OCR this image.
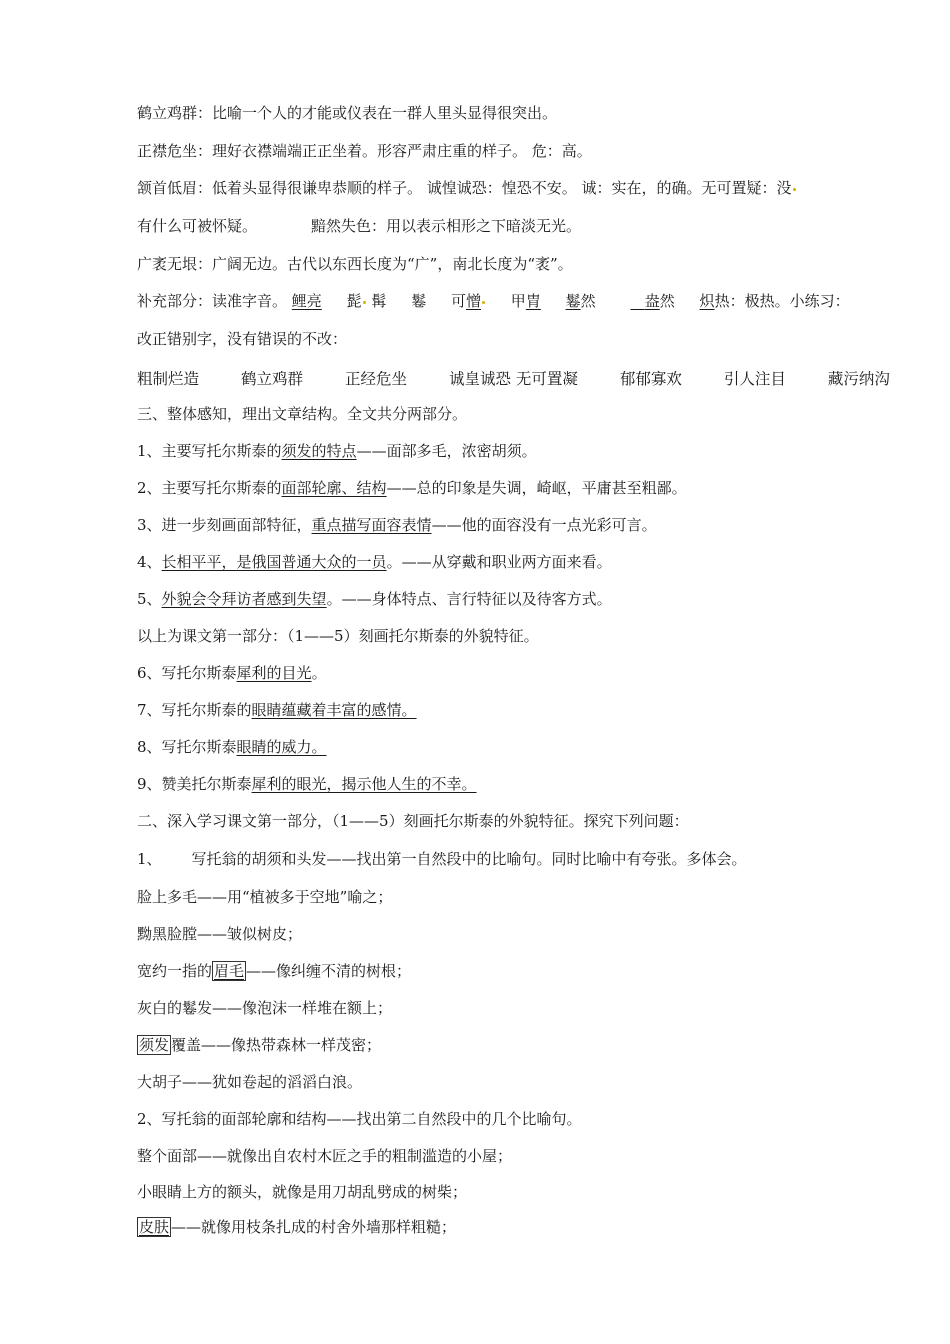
鹤立鸡群：比喻一个人的才能或仪表在一群人里头显得很突出。
正襟危坐：理好衣襟端端正正坐着。形容严肃庄重的样子。 危：高。
颔首低眉：低着头显得很谦卑恭顺的样子。 诚惶诚恐：惶恐不安。 诚：实在，的确。无可置疑：没
有什么可被怀疑。	黯然失色：用以表示相形之下暗淡无光。
广袤无垠：广阔无边。古代以东西长度为“广”，南北长度为“袤”。
补充部分：读准字音。 鲤亮 髭 髯 鬈 可憎 甲胄 鬈然	盎然 炽热：极热。小练习：
改正错别字，没有错误的不改：
粗制烂造	鹤立鸡群	正经危坐	诚皇诚恐 无可置凝	郁郁寡欢	引人注目	藏污纳沟
三、整体感知，理出文章结构。全文共分两部分。
1、主要写托尔斯泰的须发的特点——面部多毛，浓密胡须。
2、主要写托尔斯泰的面部轮廓、结构——总的印象是失调，崎岖，平庸甚至粗鄙。
3、进一步刻画面部特征，重点描写面容表情——他的面容没有一点光彩可言。
4、长相平平，是俄国普通大众的一员。——从穿戴和职业两方面来看。
5、外貌会令拜访者感到失望。——身体特点、言行特征以及待客方式。
以上为课文第一部分：（1——5）刻画托尔斯泰的外貌特征。
6、写托尔斯泰犀利的目光。
7、写托尔斯泰的眼睛蕴藏着丰富的感情。
8、写托尔斯泰眼睛的威力。
9、赞美托尔斯泰犀利的眼光，揭示他人生的不幸。
二、深入学习课文第一部分，（1——5）刻画托尔斯泰的外貌特征。探究下列问题：
1、 写托翁的胡须和头发——找出第一自然段中的比喻句。同时比喻中有夸张。多体会。
脸上多毛——用“植被多于空地”喻之；
黝黑脸膛——皱似树皮；
宽约一指的 眉毛 ——像纠缠不清的树根；
灰白的鬈发——像泡沫一样堆在额上；
须发 覆盖——像热带森林一样茂密；
大胡子——犹如卷起的滔滔白浪。
2、写托翁的面部轮廓和结构——找出第二自然段中的几个比喻句。
整个面部——就像出自农村木匠之手的粗制滥造的小屋；
小眼睛上方的额头，就像是用刀胡乱劈成的树柴；
皮肤 ——就像用枝条扎成的村舍外墙那样粗糙；
